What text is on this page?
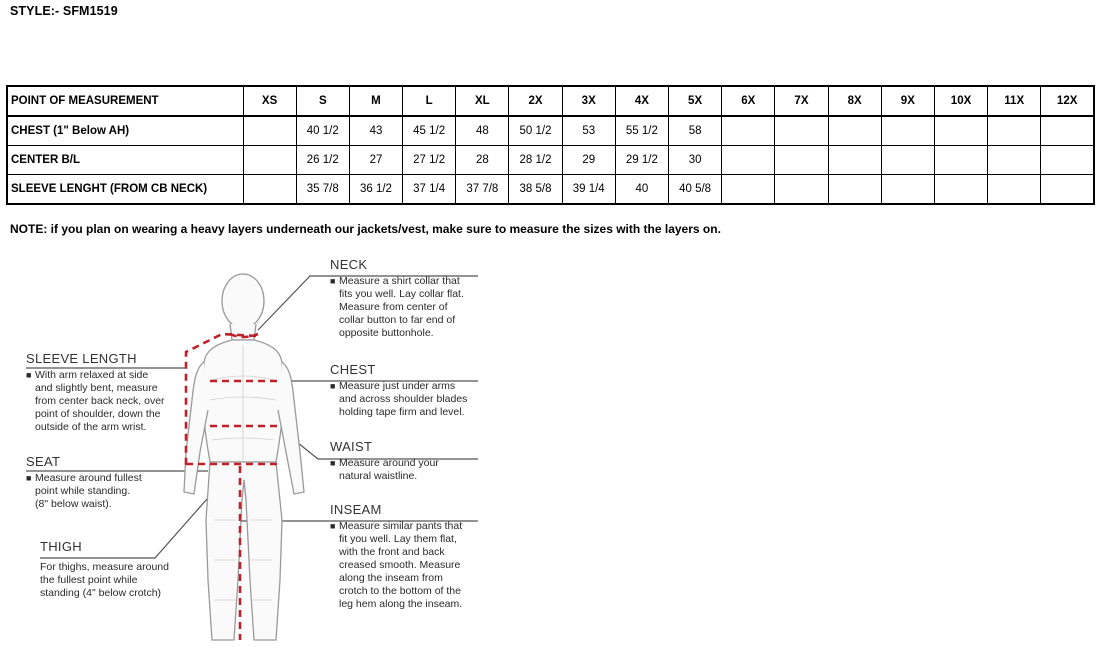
STYLE:- SFM1519
POINT OF MEASUREMENT	XS	S	M	L	XL	2X	3X	4X	5X	6X	7X	8X	9X	10X	11X	12X
CHEST (1" Below AH)		40 1/2	43	45 1/2	48	50 1/2	53	55 1/2	58							
CENTER B/L		26 1/2	27	27 1/2	28	28 1/2	29	29 1/2	30							
SLEEVE LENGHT (FROM CB NECK)		35 7/8	36 1/2	37 1/4	37 7/8	38 5/8	39 1/4	40	40 5/8							
NOTE: if you plan on wearing a heavy layers underneath our jackets/vest, make sure to measure the sizes with the layers on.
NECK
■ Measure a shirt collar that
fits you well. Lay collar flat.
Measure from center of
collar button to far end of
opposite buttonhole.
CHEST
■ Measure just under arms
and across shoulder blades
holding tape firm and level.
WAIST
■ Measure around your
natural waistline.
INSEAM
■ Measure similar pants that
fit you well. Lay them flat,
with the front and back
creased smooth. Measure
along the inseam from
crotch to the bottom of the
leg hem along the inseam.
SLEEVE LENGTH
■ With arm relaxed at side
and slightly bent, measure
from center back neck, over
point of shoulder, down the
outside of the arm wrist.
SEAT
■ Measure around fullest
point while standing.
(8" below waist).
THIGH
For thighs, measure around
the fullest point while
standing (4" below crotch)
